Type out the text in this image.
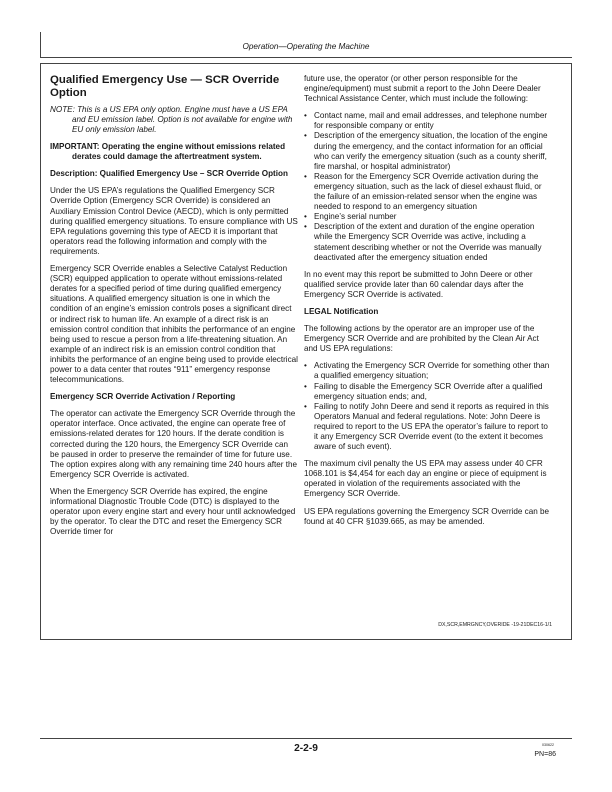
Operation—Operating the Machine
Qualified Emergency Use — SCR Override Option

NOTE: This is a US EPA only option. Engine must have a US EPA and EU emission label. Option is not available for engine with EU only emission label.

IMPORTANT: Operating the engine without emissions related derates could damage the aftertreatment system.

Description: Qualified Emergency Use – SCR Override Option

Under the US EPA’s regulations the Qualified Emergency SCR Override Option (Emergency SCR Override) is considered an Auxiliary Emission Control Device (AECD), which is only permitted during qualified emergency situations. To ensure compliance with US EPA regulations governing this type of AECD it is important that operators read the following information and comply with the requirements.

Emergency SCR Override enables a Selective Catalyst Reduction (SCR) equipped application to operate without emissions-related derates for a specified period of time during qualified emergency situations. A qualified emergency situation is one in which the condition of an engine’s emission controls poses a significant direct or indirect risk to human life. An example of a direct risk is an emission control condition that inhibits the performance of an engine being used to rescue a person from a life-threatening situation. An example of an indirect risk is an emission control condition that inhibits the performance of an engine being used to provide electrical power to a data center that routes “911” emergency response telecommunications.

Emergency SCR Override Activation / Reporting

The operator can activate the Emergency SCR Override through the operator interface. Once activated, the engine can operate free of emissions-related derates for 120 hours. If the derate condition is corrected during the 120 hours, the Emergency SCR Override can be paused in order to preserve the remainder of time for future use. The option expires along with any remaining time 240 hours after the Emergency SCR Override is activated.

When the Emergency SCR Override has expired, the engine informational Diagnostic Trouble Code (DTC) is displayed to the operator upon every engine start and every hour until acknowledged by the operator. To clear the DTC and reset the Emergency SCR Override timer for

future use, the operator (or other person responsible for the engine/equipment) must submit a report to the John Deere Dealer Technical Assistance Center, which must include the following:

• Contact name, mail and email addresses, and telephone number for responsible company or entity
• Description of the emergency situation, the location of the engine during the emergency, and the contact information for an official who can verify the emergency situation (such as a county sheriff, fire marshal, or hospital administrator)
• Reason for the Emergency SCR Override activation during the emergency situation, such as the lack of diesel exhaust fluid, or the failure of an emission-related sensor when the engine was needed to respond to an emergency situation
• Engine’s serial number
• Description of the extent and duration of the engine operation while the Emergency SCR Override was active, including a statement describing whether or not the Override was manually deactivated after the emergency situation ended

In no event may this report be submitted to John Deere or other qualified service provide later than 60 calendar days after the Emergency SCR Override is activated.

LEGAL Notification

The following actions by the operator are an improper use of the Emergency SCR Override and are prohibited by the Clean Air Act and US EPA regulations:

• Activating the Emergency SCR Override for something other than a qualified emergency situation;
• Failing to disable the Emergency SCR Override after a qualified emergency situation ends; and,
• Failing to notify John Deere and send it reports as required in this Operators Manual and federal regulations. Note: John Deere is required to report to the US EPA the operator’s failure to report to it any Emergency SCR Override event (to the extent it becomes aware of such event).

The maximum civil penalty the US EPA may assess under 40 CFR 1068.101 is $4,454 for each day an engine or piece of equipment is operated in violation of the requirements associated with the Emergency SCR Override.

US EPA regulations governing the Emergency SCR Override can be found at 40 CFR §1039.665, as may be amended.

DX,SCR,EMRGNCY,OVERIDE -19-21DEC16-1/1
2-2-9	030622
PN=86
